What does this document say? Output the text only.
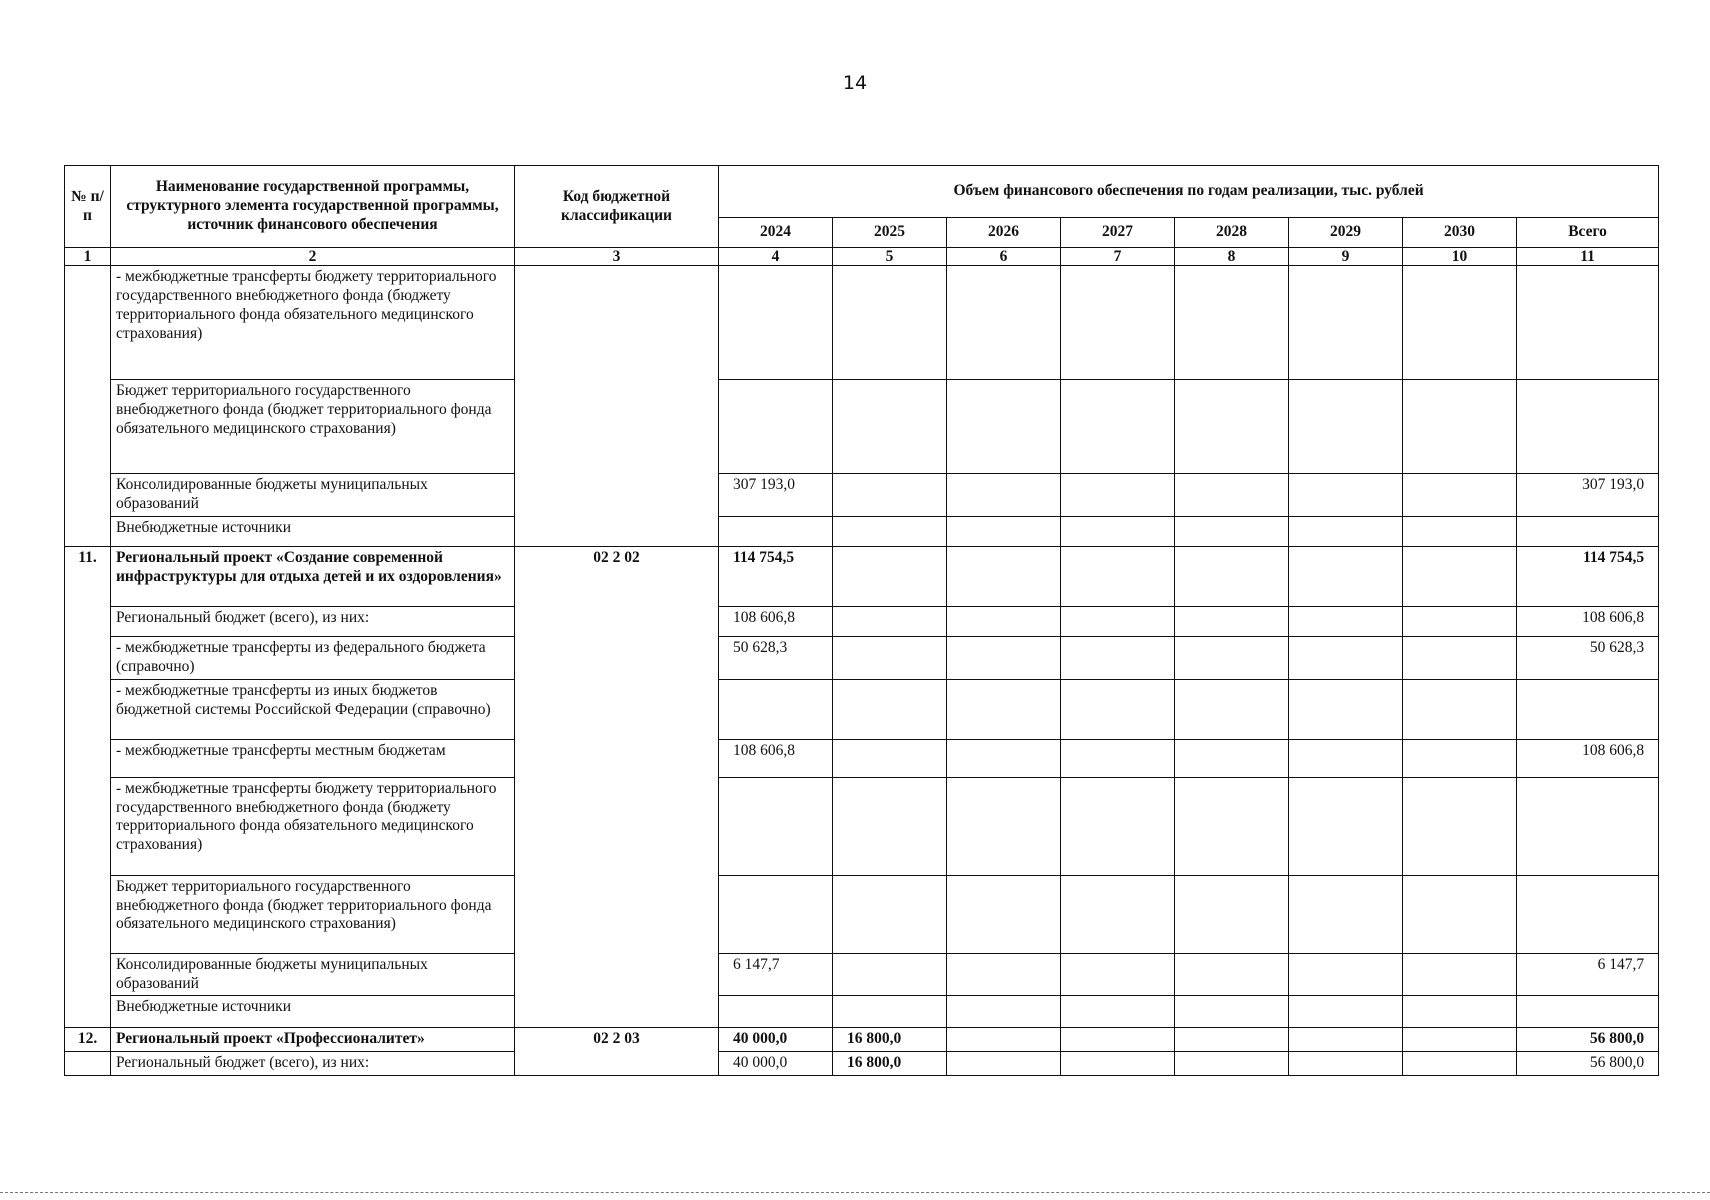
14
№ п/п	Наименование государственной программы, структурного элемента государственной программы, источник финансового обеспечения	Код бюджетной классификации	Объем финансового обеспечения по годам реализации, тыс. рублей							
			2024	2025	2026	2027	2028	2029	2030	Всего
1	2	3	4	5	6	7	8	9	10	11
	- межбюджетные трансферты бюджету территориального государственного внебюджетного фонда (бюджету территориального фонда обязательного медицинского страхования)									
	Бюджет территориального государственного внебюджетного фонда (бюджет территориального фонда обязательного медицинского страхования)									
	Консолидированные бюджеты муниципальных образований		307 193,0							307 193,0
	Внебюджетные источники									
11.	Региональный проект «Создание современной инфраструктуры для отдыха детей и их оздоровления»	02 2 02	114 754,5							114 754,5
	Региональный бюджет (всего), из них:		108 606,8							108 606,8
	- межбюджетные трансферты из федерального бюджета (справочно)		50 628,3							50 628,3
	- межбюджетные трансферты из иных бюджетов бюджетной системы Российской Федерации (справочно)									
	- межбюджетные трансферты местным бюджетам		108 606,8							108 606,8
	- межбюджетные трансферты бюджету территориального государственного внебюджетного фонда (бюджету территориального фонда обязательного медицинского страхования)									
	Бюджет территориального государственного внебюджетного фонда (бюджет территориального фонда обязательного медицинского страхования)									
	Консолидированные бюджеты муниципальных образований		6 147,7							6 147,7
	Внебюджетные источники									
12.	Региональный проект «Профессионалитет»	02 2 03	40 000,0	16 800,0						56 800,0
	Региональный бюджет (всего), из них:		40 000,0	16 800,0						56 800,0
